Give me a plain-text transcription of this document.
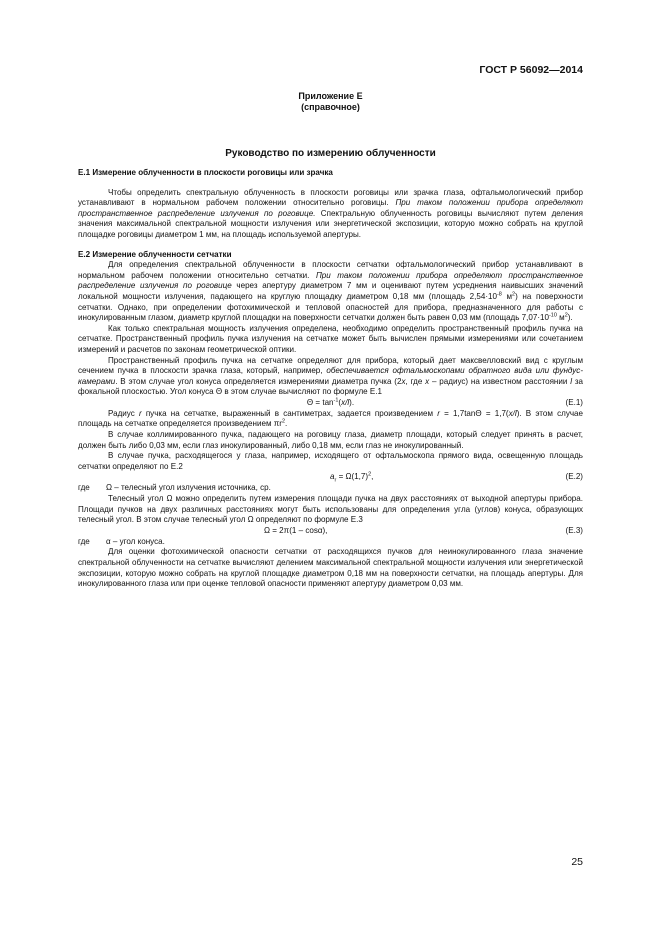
ГОСТ Р 56092—2014
Приложение Е
(справочное)
Руководство по измерению облученности
Е.1 Измерение облученности в плоскости роговицы или зрачка

Чтобы определить спектральную облученность в плоскости роговицы или зрачка глаза, офтальмологический прибор устанавливают в нормальном рабочем положении относительно роговицы. При таком положении прибора определяют пространственное распределение излучения по роговице. Спектральную облученность роговицы вычисляют путем деления значения максимальной спектральной мощности излучения или энергетической экспозиции, которую можно собрать на круглой площадке роговицы диаметром 1 мм, на площадь используемой апертуры.

Е.2 Измерение облученности сетчатки

Для определения спектральной облученности в плоскости сетчатки офтальмологический прибор устанавливают в нормальном рабочем положении относительно сетчатки. При таком положении прибора определяют пространственное распределение излучения по роговице через апертуру диаметром 7 мм и оценивают путем усреднения наивысших значений локальной мощности излучения, падающего на круглую площадку диаметром 0,18 мм (площадь $2,54\cdot 10^{-8}$ $м^2$) на поверхности сетчатки. Однако, при определении фотохимической и тепловой опасностей для прибора, предназначенного для работы с инокулированным глазом, диаметр круглой площадки на поверхности сетчатки должен быть равен 0,03 мм (площадь $7,07\cdot 10^{-10}$ $м^2$).

Как только спектральная мощность излучения определена, необходимо определить пространственный профиль пучка на сетчатке. Пространственный профиль пучка излучения на сетчатке может быть вычислен прямыми измерениями или сочетанием измерений и расчетов по законам геометрической оптики.

Пространственный профиль пучка на сетчатке определяют для прибора, который дает максвелловский вид с круглым сечением пучка в плоскости зрачка глаза, который, например, обеспечивается офтальмоскопами обратного вида или фундус-камерами. В этом случае угол конуса определяется измерениями диаметра пучка (2x, где x – радиус) на известном расстоянии l за фокальной плоскостью. Угол конуса Θ в этом случае вычисляют по формуле Е.1

$\Theta = \tan^{-1}(x/l)$.	(Е.1)

Радиус r пучка на сетчатке, выраженный в сантиметрах, задается произведением r = 1,7tanΘ = 1,7(x/l). В этом случае площадь на сетчатке определяется произведением $\pi r^2$.

В случае коллимированного пучка, падающего на роговицу глаза, диаметр площади, который следует принять в расчет, должен быть либо 0,03 мм, если глаз инокулированный, либо 0,18 мм, если глаз не инокулированный.

В случае пучка, расходящегося у глаза, например, исходящего от офтальмоскопа прямого вида, освещенную площадь сетчатки определяют по Е.2

$a_r = \Omega(1,7)^2$,	(Е.2)
где	Ω – телесный угол излучения источника, ср.

Телесный угол Ω можно определить путем измерения площади пучка на двух расстояниях от выходной апертуры прибора. Площади пучков на двух различных расстояниях могут быть использованы для определения угла (углов) конуса, образующих телесный угол. В этом случае телесный угол Ω определяют по формуле Е.3

Ω = 2π(1 – cosα),	(Е.3)
где	α – угол конуса.

Для оценки фотохимической опасности сетчатки от расходящихся пучков для неинокулированного глаза значение спектральной облученности на сетчатке вычисляют делением максимальной спектральной мощности излучения или энергетической экспозиции, которую можно собрать на круглой площадке диаметром 0,18 мм на поверхности сетчатки, на площадь апертуры. Для инокулированного глаза или при оценке тепловой опасности применяют апертуру диаметром 0,03 мм.

25
